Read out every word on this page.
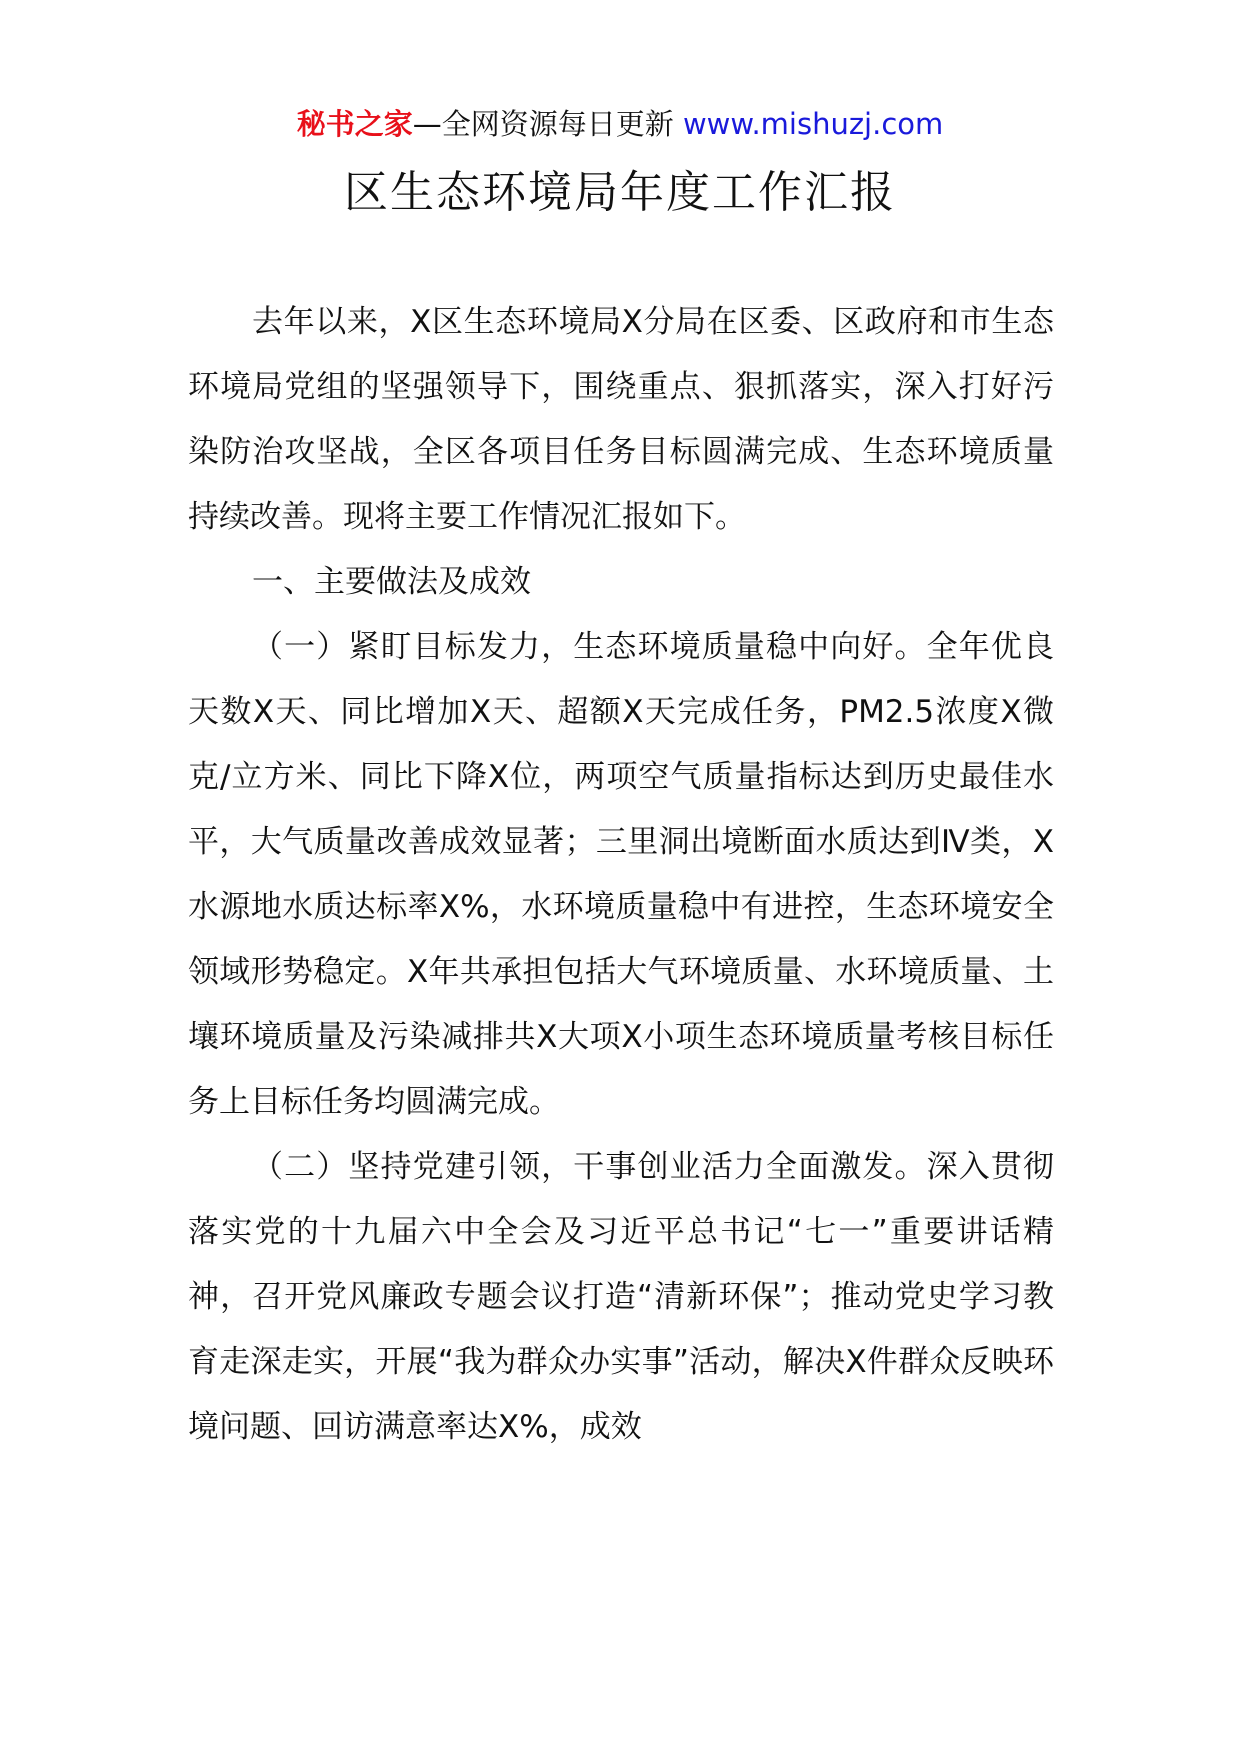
秘书之家—全网资源每日更新 www.mishuzj.com
区生态环境局年度工作汇报

去年以来，X区生态环境局X分局在区委、区政府和市生态环境局党组的坚强领导下，围绕重点、狠抓落实，深入打好污染防治攻坚战，全区各项目任务目标圆满完成、生态环境质量持续改善。现将主要工作情况汇报如下。

一、主要做法及成效

（一）紧盯目标发力，生态环境质量稳中向好。全年优良天数X天、同比增加X天、超额X天完成任务，PM2.5浓度X微克/立方米、同比下降X位，两项空气质量指标达到历史最佳水平，大气质量改善成效显著；三里洞出境断面水质达到Ⅳ类，X水源地水质达标率X%，水环境质量稳中有进控，生态环境安全领域形势稳定。X年共承担包括大气环境质量、水环境质量、土壤环境质量及污染减排共X大项X小项生态环境质量考核目标任务上目标任务均圆满完成。

（二）坚持党建引领，干事创业活力全面激发。深入贯彻落实党的十九届六中全会及习近平总书记“七一”重要讲话精神，召开党风廉政专题会议打造“清新环保”；推动党史学习教育走深走实，开展“我为群众办实事”活动，解决X件群众反映环境问题、回访满意率达X%，成效
